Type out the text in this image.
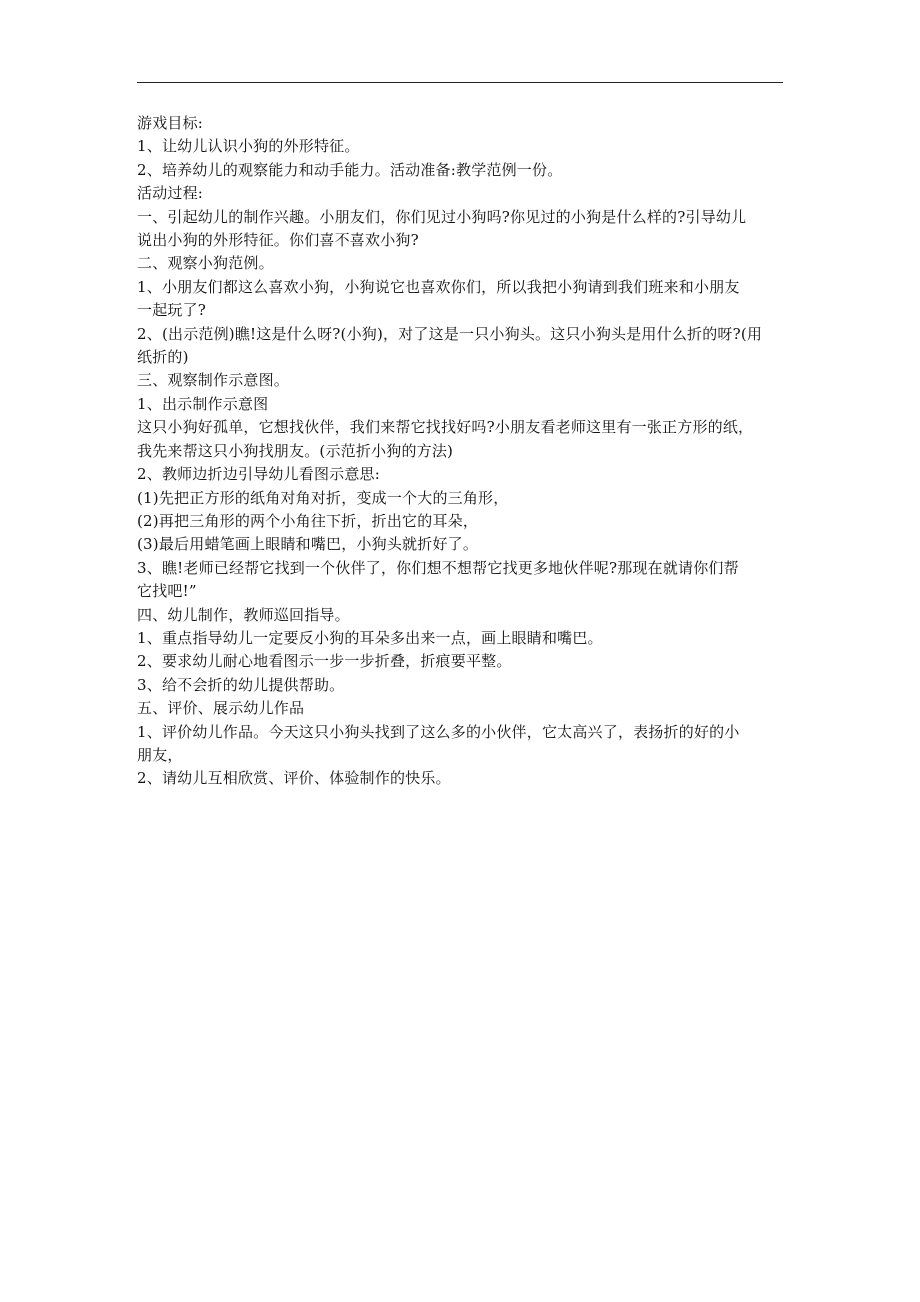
游戏目标:
1、让幼儿认识小狗的外形特征。
2、培养幼儿的观察能力和动手能力。活动准备:教学范例一份。
活动过程:
一、引起幼儿的制作兴趣。小朋友们，你们见过小狗吗?你见过的小狗是什么样的?引导幼儿
说出小狗的外形特征。你们喜不喜欢小狗?
二、观察小狗范例。
1、小朋友们都这么喜欢小狗，小狗说它也喜欢你们，所以我把小狗请到我们班来和小朋友
一起玩了?
2、(出示范例)瞧!这是什么呀?(小狗)，对了这是一只小狗头。这只小狗头是用什么折的呀?(用
纸折的)
三、观察制作示意图。
1、出示制作示意图
这只小狗好孤单，它想找伙伴，我们来帮它找找好吗?小朋友看老师这里有一张正方形的纸，
我先来帮这只小狗找朋友。(示范折小狗的方法)
2、教师边折边引导幼儿看图示意思:
(1)先把正方形的纸角对角对折，变成一个大的三角形，
(2)再把三角形的两个小角往下折，折出它的耳朵，
(3)最后用蜡笔画上眼睛和嘴巴，小狗头就折好了。
3、瞧!老师已经帮它找到一个伙伴了，你们想不想帮它找更多地伙伴呢?那现在就请你们帮
它找吧!”
四、幼儿制作，教师巡回指导。
1、重点指导幼儿一定要反小狗的耳朵多出来一点，画上眼睛和嘴巴。
2、要求幼儿耐心地看图示一步一步折叠，折痕要平整。
3、给不会折的幼儿提供帮助。
五、评价、展示幼儿作品
1、评价幼儿作品。今天这只小狗头找到了这么多的小伙伴，它太高兴了，表扬折的好的小
朋友，
2、请幼儿互相欣赏、评价、体验制作的快乐。
